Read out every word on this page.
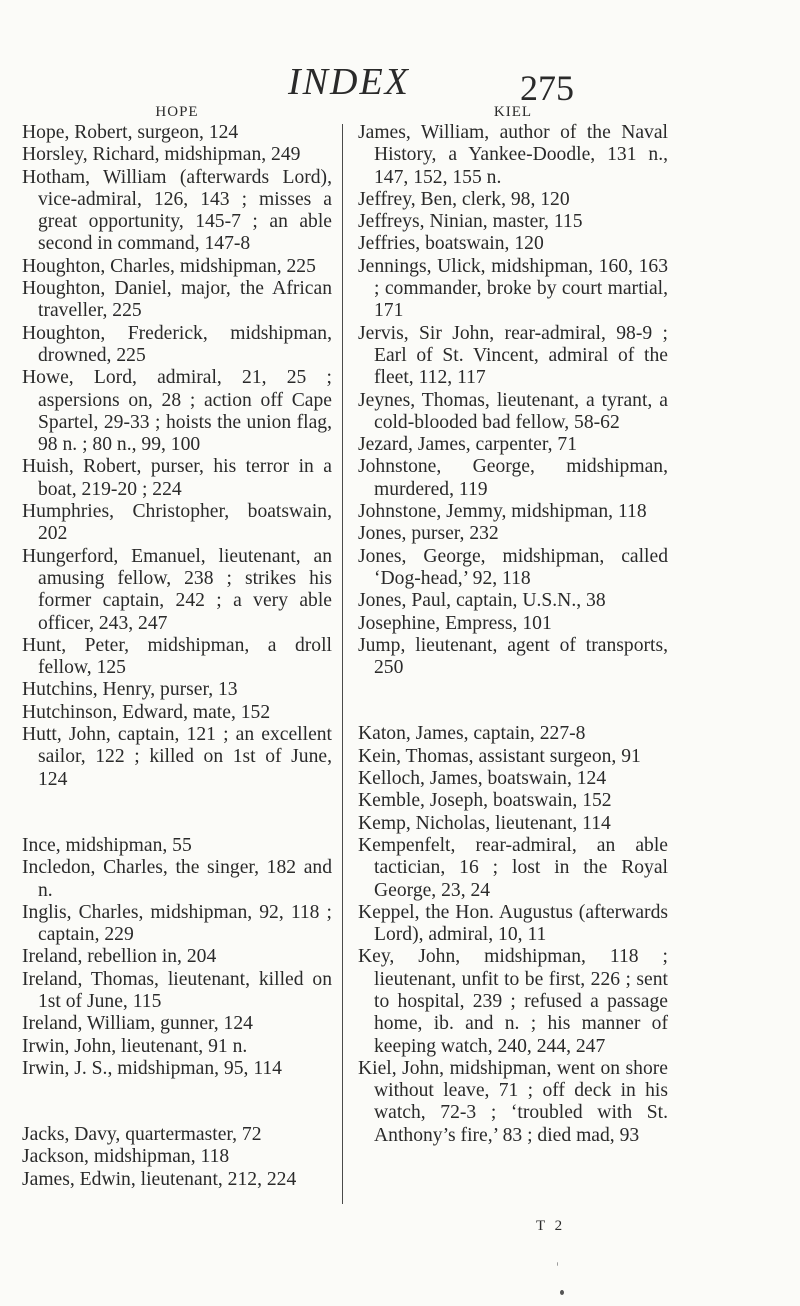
INDEX	275
HOPE
Hope, Robert, surgeon, 124
Horsley, Richard, midshipman, 249
Hotham, William (afterwards Lord), vice-admiral, 126, 143 ; misses a great opportunity, 145-7 ; an able second in command, 147-8
Houghton, Charles, midshipman, 225
Houghton, Daniel, major, the African traveller, 225
Houghton, Frederick, midshipman, drowned, 225
Howe, Lord, admiral, 21, 25 ; aspersions on, 28 ; action off Cape Spartel, 29-33 ; hoists the union flag, 98 n. ; 80 n., 99, 100
Huish, Robert, purser, his terror in a boat, 219-20 ; 224
Humphries, Christopher, boatswain, 202
Hungerford, Emanuel, lieutenant, an amusing fellow, 238 ; strikes his former captain, 242 ; a very able officer, 243, 247
Hunt, Peter, midshipman, a droll fellow, 125
Hutchins, Henry, purser, 13
Hutchinson, Edward, mate, 152
Hutt, John, captain, 121 ; an excellent sailor, 122 ; killed on 1st of June, 124
Ince, midshipman, 55
Incledon, Charles, the singer, 182 and n.
Inglis, Charles, midshipman, 92, 118 ; captain, 229
Ireland, rebellion in, 204
Ireland, Thomas, lieutenant, killed on 1st of June, 115
Ireland, William, gunner, 124
Irwin, John, lieutenant, 91 n.
Irwin, J. S., midshipman, 95, 114
Jacks, Davy, quartermaster, 72
Jackson, midshipman, 118
James, Edwin, lieutenant, 212, 224
KIEL
James, William, author of the Naval History, a Yankee-Doodle, 131 n., 147, 152, 155 n.
Jeffrey, Ben, clerk, 98, 120
Jeffreys, Ninian, master, 115
Jeffries, boatswain, 120
Jennings, Ulick, midshipman, 160, 163 ; commander, broke by court martial, 171
Jervis, Sir John, rear-admiral, 98-9 ; Earl of St. Vincent, admiral of the fleet, 112, 117
Jeynes, Thomas, lieutenant, a tyrant, a cold-blooded bad fellow, 58-62
Jezard, James, carpenter, 71
Johnstone, George, midshipman, murdered, 119
Johnstone, Jemmy, midshipman, 118
Jones, purser, 232
Jones, George, midshipman, called ‘Dog-head,’ 92, 118
Jones, Paul, captain, U.S.N., 38
Josephine, Empress, 101
Jump, lieutenant, agent of transports, 250
Katon, James, captain, 227-8
Kein, Thomas, assistant surgeon, 91
Kelloch, James, boatswain, 124
Kemble, Joseph, boatswain, 152
Kemp, Nicholas, lieutenant, 114
Kempenfelt, rear-admiral, an able tactician, 16 ; lost in the Royal George, 23, 24
Keppel, the Hon. Augustus (afterwards Lord), admiral, 10, 11
Key, John, midshipman, 118 ; lieutenant, unfit to be first, 226 ; sent to hospital, 239 ; refused a passage home, ib. and n. ; his manner of keeping watch, 240, 244, 247
Kiel, John, midshipman, went on shore without leave, 71 ; off deck in his watch, 72-3 ; ‘troubled with St. Anthony’s fire,’ 83 ; died mad, 93
T 2
